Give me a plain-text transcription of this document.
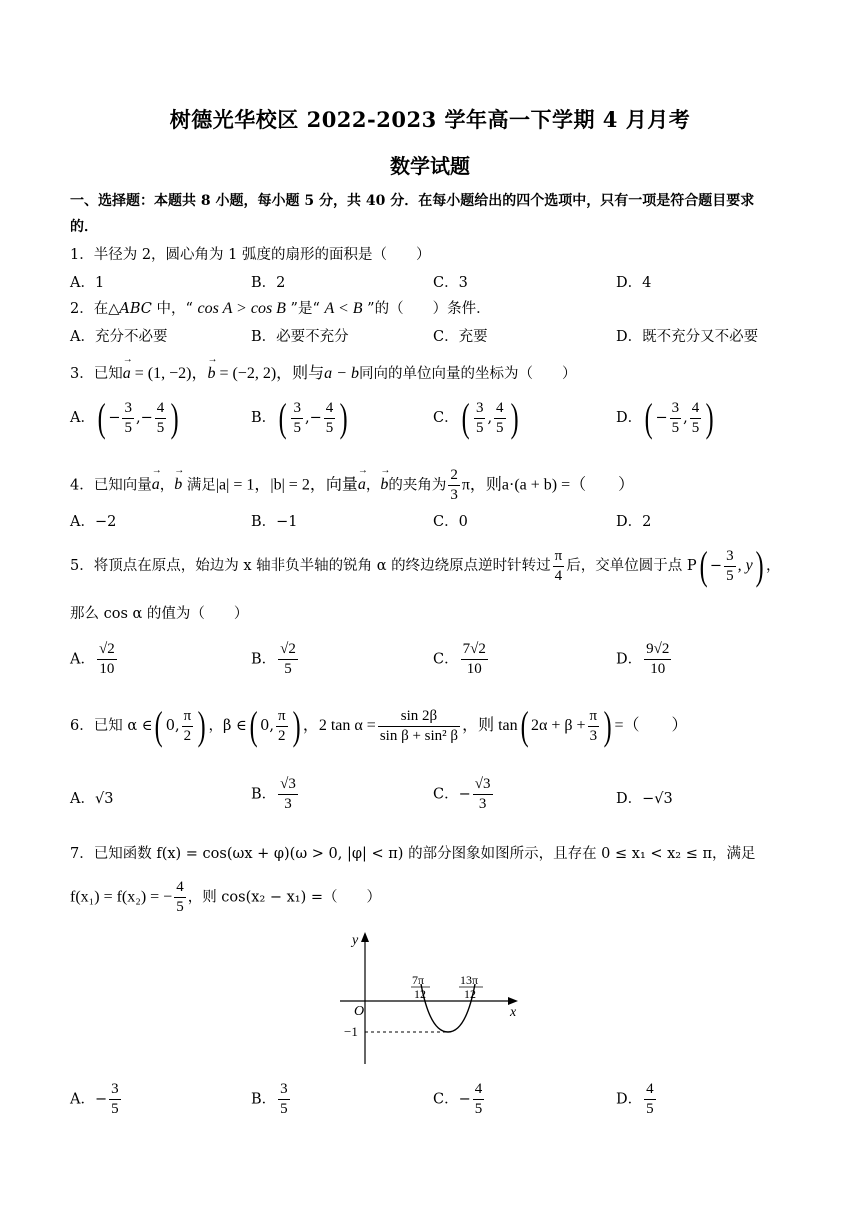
树德光华校区 2022-2023 学年高一下学期 4 月月考
数学试题
一、选择题：本题共 8 小题，每小题 5 分，共 40 分．在每小题给出的四个选项中，只有一项是符合题目要求
的．
1．半径为 2，圆心角为 1 弧度的扇形的面积是（　　）
A．1	B．2	C．3	D．4
2．在△ABC 中，“ cos A > cos B ”是“ A < B ”的（　　）条件．
A．充分不必要	B．必要不充分	C．充要	D．既不充分又不必要
3．已知→ a = (1, −2)，→ b = (−2, 2)，则与a − b同向的单位向量的坐标为（　　）
A．( − $\frac{3}{5}$ ,− $\frac{4}{5}$ )	B．( $\frac{3}{5}$ ,− $\frac{4}{5}$ )	C．( $\frac{3}{5}$ , $\frac{4}{5}$ )	D．( − $\frac{3}{5}$ , $\frac{4}{5}$ )
4．已知向量→ a，→ b 满足|a| = 1，|b| = 2，向量→ a，→ b的夹角为 $\frac{2}{3}$ π，则a·(a + b) =（　　）
A．−2	B．−1	C．0	D．2
5．将顶点在原点，始边为 x 轴非负半轴的锐角 α 的终边绕原点逆时针转过 $\frac{\pi}{4}$ 后，交单位圆于点 $P( - \frac{3}{5}$ , y) ，
那么 cos α 的值为（　　）
A． $\frac{√2}{10}$	B． $\frac{√2}{5}$	C． $\frac{7√2}{10}$	D． $\frac{9√2}{10}$
6．已知 α ∈( 0, $\frac{\pi}{2}$ ) ，β ∈( 0, $\frac{\pi}{2}$ ) ，2 $\tan \alpha = \frac{\sin 2\beta}{\text{sin β + sin² β}}$ ，则 tan( $2\alpha + \beta + \frac{\pi}{3}$ ) =（　　）
A．√3	B． $\frac{√3}{3}$	C．− $\frac{√3}{3}$	D．−√3
7．已知函数 f(x) = cos(ωx + φ)(ω > 0, |φ| < π) 的部分图象如图所示，且存在 0 ≤ x₁ < x₂ ≤ π，满足
f(x₁) = f(x₂) = − $\frac{4}{5}$ ，则 cos(x₂ − x₁) =（　　）
y
x
O
−1
7π
12
13π
12
A．− $\frac{3}{5}$	B． $\frac{3}{5}$	C．− $\frac{4}{5}$	D． $\frac{4}{5}$
